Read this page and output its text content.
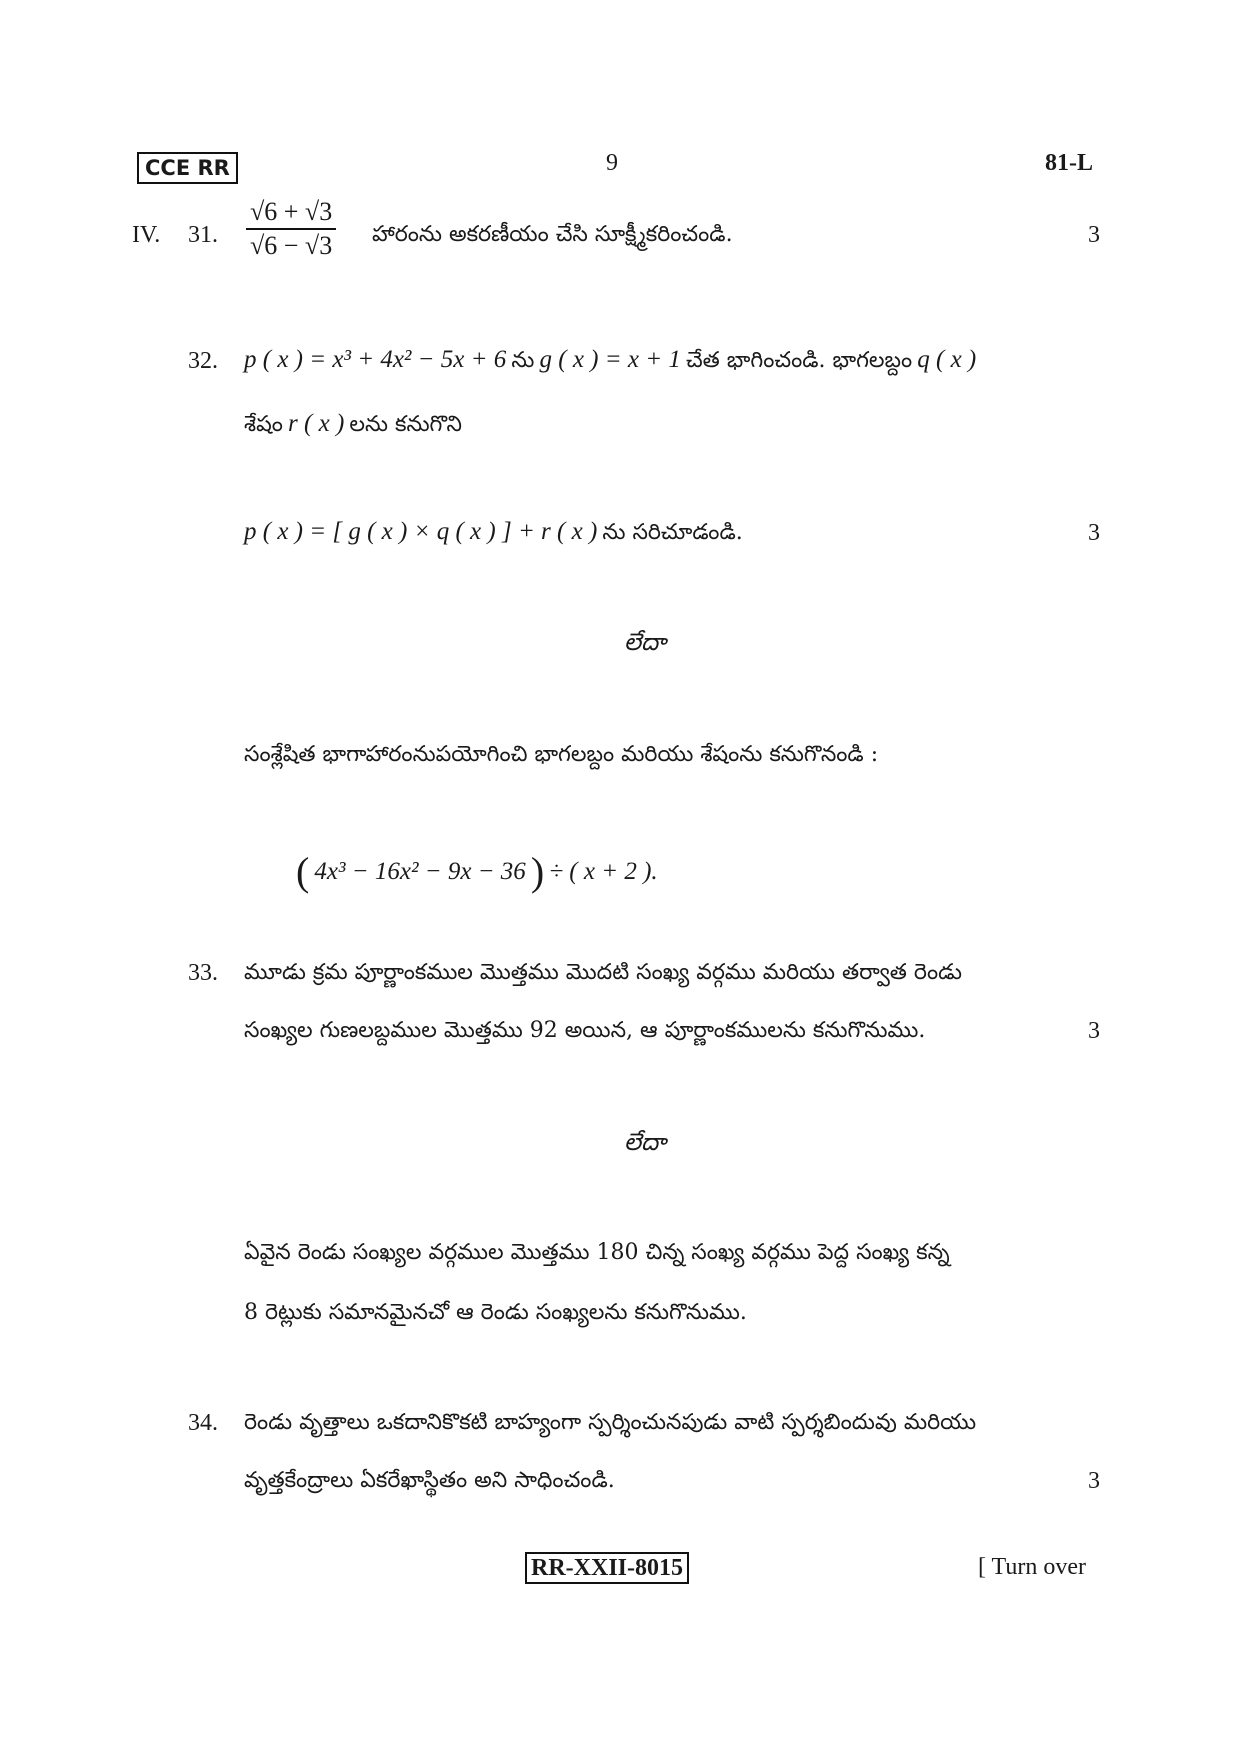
CCE RR	9	81-L
IV. 31. $\frac{√6 + √3}{√6 - √3}$ హారంను అకరణీయం చేసి సూక్ష్మీకరించండి.	3
32. p ( x ) = x³ + 4x² − 5x + 6 ను g ( x ) = x + 1 చేత భాగించండి. భాగలబ్దం q ( x )
శేషం r ( x ) లను కనుగొని
p ( x ) = [ g ( x ) × q ( x ) ] + r ( x ) ను సరిచూడండి.	3
లేదా
సంశ్లేషిత భాగాహారంనుపయోగించి భాగలబ్దం మరియు శేషంను కనుగొనండి :
( 4x³ − 16x² − 9x − 36 ) ÷ ( x + 2 ).
33. మూడు క్రమ పూర్ణాంకముల మొత్తము మొదటి సంఖ్య వర్గము మరియు తర్వాత రెండు
సంఖ్యల గుణలబ్దముల మొత్తము 92 అయిన, ఆ పూర్ణాంకములను కనుగొనుము.	3
లేదా
ఏవైన రెండు సంఖ్యల వర్గముల మొత్తము 180 చిన్న సంఖ్య వర్గము పెద్ద సంఖ్య కన్న
8 రెట్లుకు సమానమైనచో ఆ రెండు సంఖ్యలను కనుగొనుము.
34. రెండు వృత్తాలు ఒకదానికొకటి బాహ్యంగా స్పర్శించునపుడు వాటి స్పర్శబిందువు మరియు
వృత్తకేంద్రాలు ఏకరేఖాస్థితం అని సాధించండి.	3
RR-XXII-8015	[ Turn over
